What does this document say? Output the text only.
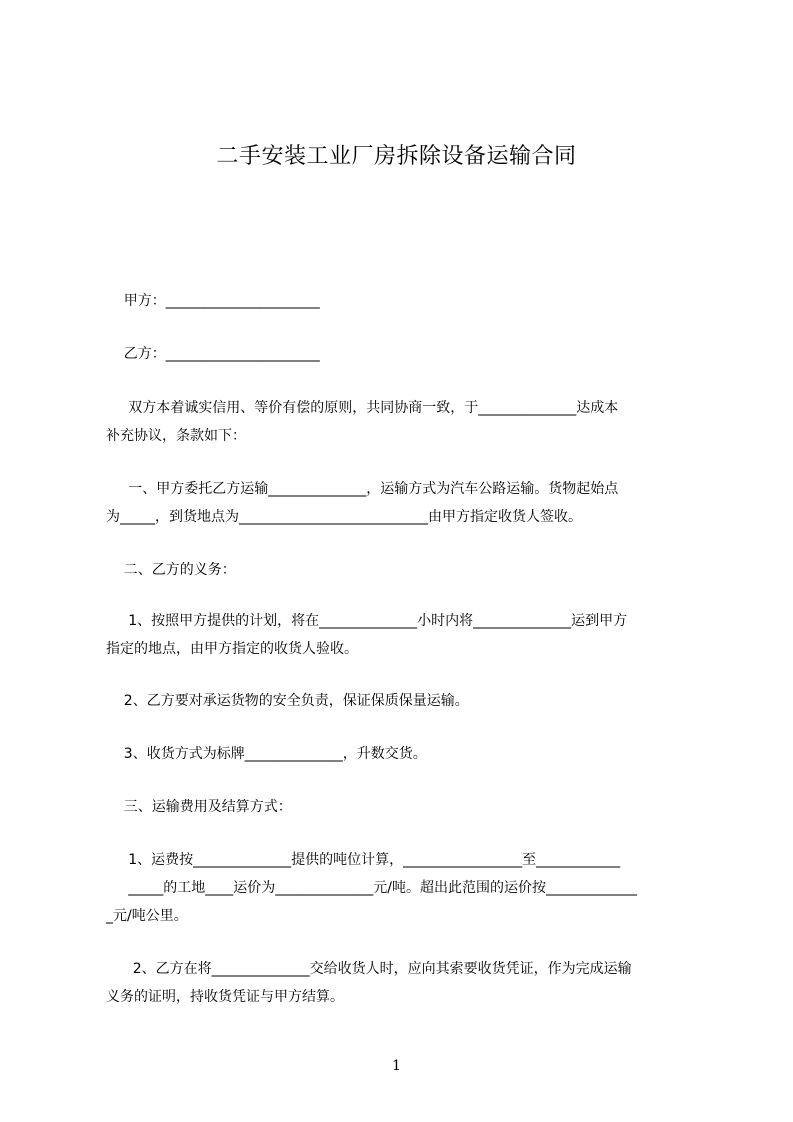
二手安装工业厂房拆除设备运输合同
甲方：______________________
乙方：______________________
双方本着诚实信用、等价有偿的原则，共同协商一致，于______________达成本
补充协议，条款如下：
一、甲方委托乙方运输______________，运输方式为汽车公路运输。货物起始点
为_____，到货地点为___________________________由甲方指定收货人签收。
二、乙方的义务：
1、按照甲方提供的计划，将在______________小时内将______________运到甲方
指定的地点，由甲方指定的收货人验收。
2、乙方要对承运货物的安全负责，保证保质保量运输。
3、收货方式为标牌______________，升数交货。
三、运输费用及结算方式：
1、运费按______________提供的吨位计算，_________________至____________
_____的工地____运价为______________元/吨。超出此范围的运价按_____________
_元/吨公里。
2、乙方在将______________交给收货人时，应向其索要收货凭证，作为完成运输
义务的证明，持收货凭证与甲方结算。
1
